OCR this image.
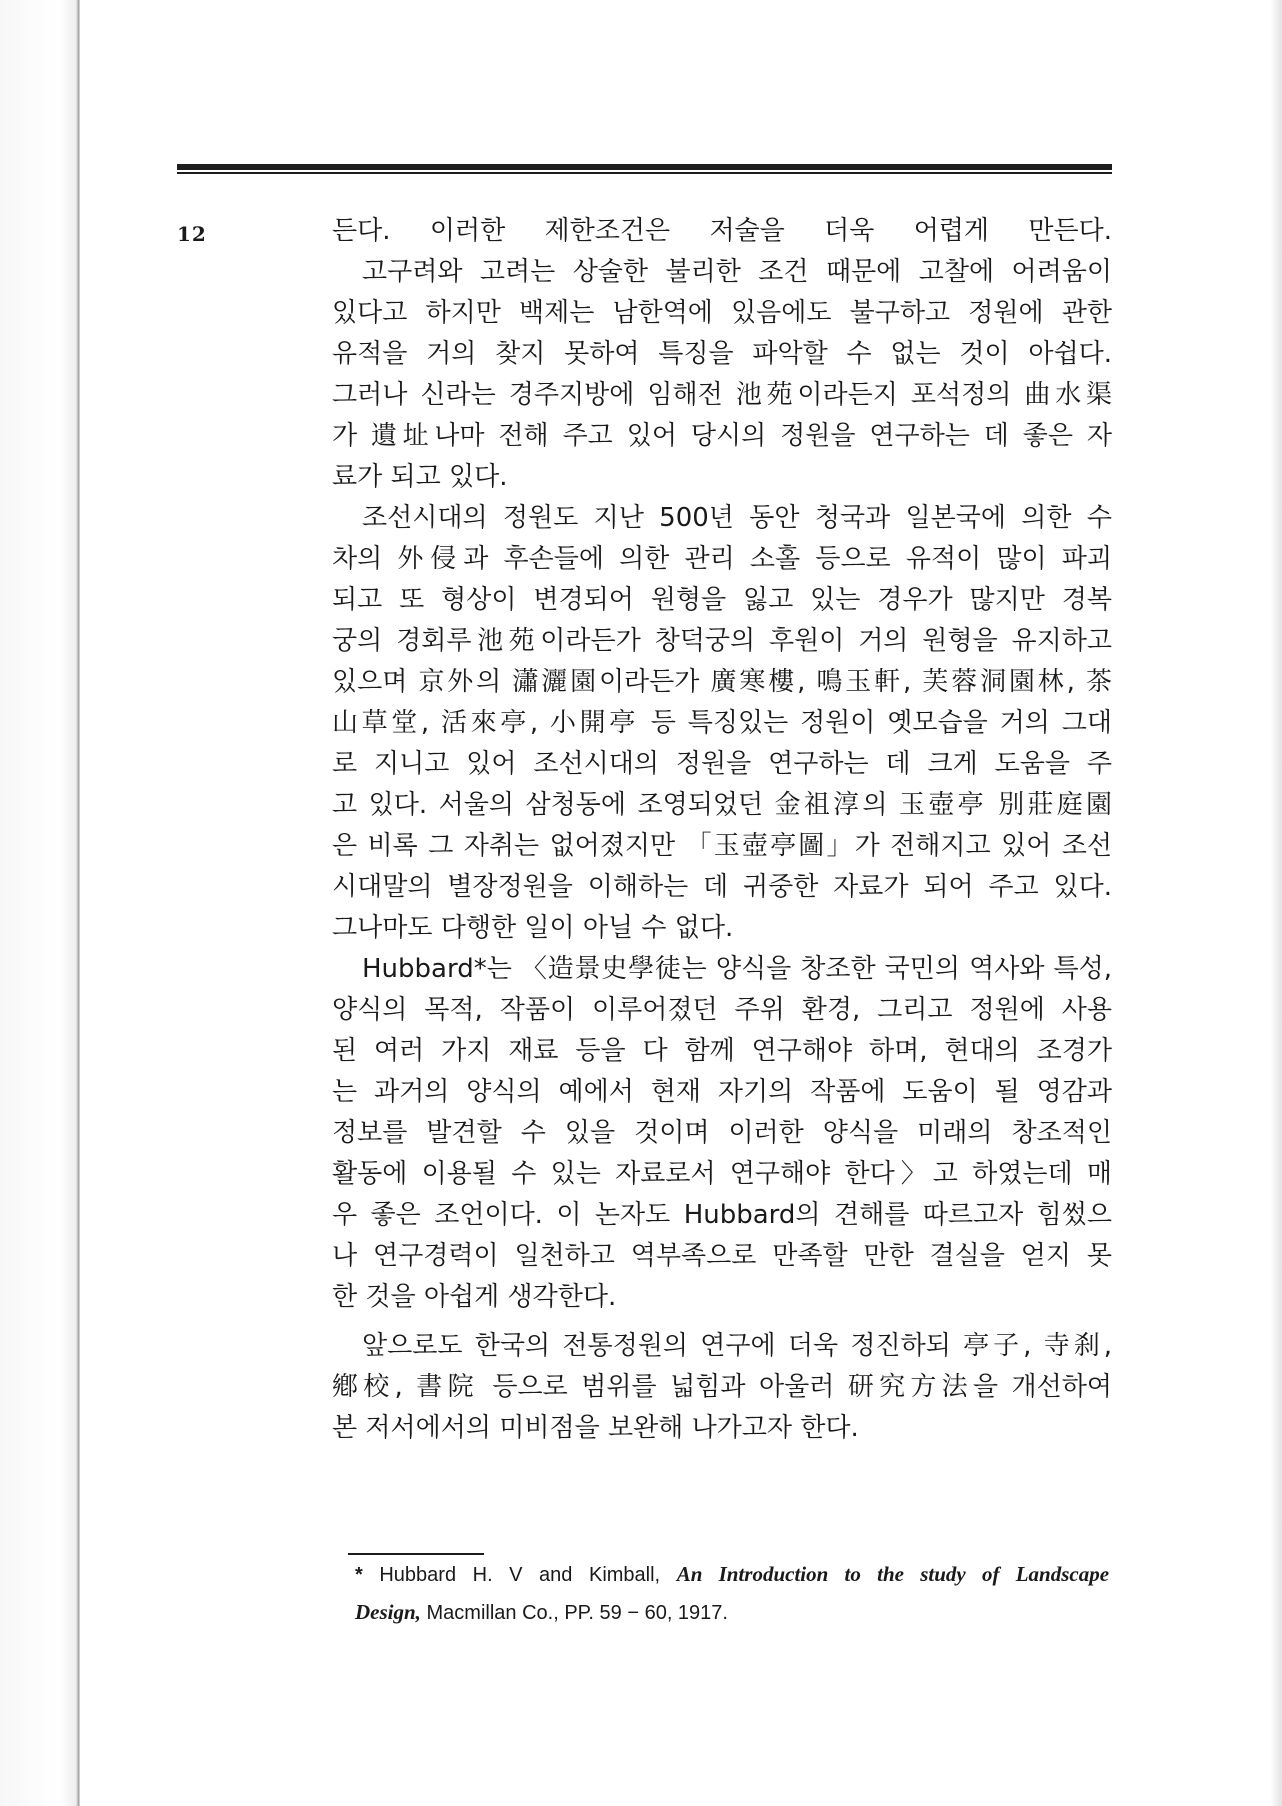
12	든다. 이러한 제한조건은 저술을 더욱 어렵게 만든다.
고구려와 고려는 상술한 불리한 조건 때문에 고찰에 어려움이
있다고 하지만 백제는 남한역에 있음에도 불구하고 정원에 관한
유적을 거의 찾지 못하여 특징을 파악할 수 없는 것이 아쉽다.
그러나 신라는 경주지방에 임해전 池苑이라든지 포석정의 曲水渠
가 遺址나마 전해 주고 있어 당시의 정원을 연구하는 데 좋은 자
료가 되고 있다.
조선시대의 정원도 지난 500년 동안 청국과 일본국에 의한 수
차의 外侵과 후손들에 의한 관리 소홀 등으로 유적이 많이 파괴
되고 또 형상이 변경되어 원형을 잃고 있는 경우가 많지만 경복
궁의 경회루池苑이라든가 창덕궁의 후원이 거의 원형을 유지하고
있으며 京外의 瀟灑園이라든가 廣寒樓, 鳴玉軒, 芙蓉洞園林, 茶
山草堂, 活來亭, 小開亭 등 특징있는 정원이 옛모습을 거의 그대
로 지니고 있어 조선시대의 정원을 연구하는 데 크게 도움을 주
고 있다. 서울의 삼청동에 조영되었던 金祖淳의 玉壺亭 別莊庭園
은 비록 그 자취는 없어졌지만 「玉壺亭圖」가 전해지고 있어 조선
시대말의 별장정원을 이해하는 데 귀중한 자료가 되어 주고 있다.
그나마도 다행한 일이 아닐 수 없다.
Hubbard*는 〈造景史學徒는 양식을 창조한 국민의 역사와 특성,
양식의 목적, 작품이 이루어졌던 주위 환경, 그리고 정원에 사용
된 여러 가지 재료 등을 다 함께 연구해야 하며, 현대의 조경가
는 과거의 양식의 예에서 현재 자기의 작품에 도움이 될 영감과
정보를 발견할 수 있을 것이며 이러한 양식을 미래의 창조적인
활동에 이용될 수 있는 자료로서 연구해야 한다〉고 하였는데 매
우 좋은 조언이다. 이 논자도 Hubbard의 견해를 따르고자 힘썼으
나 연구경력이 일천하고 역부족으로 만족할 만한 결실을 얻지 못
한 것을 아쉽게 생각한다.
앞으로도 한국의 전통정원의 연구에 더욱 정진하되 亭子, 寺刹,
鄕校, 書院 등으로 범위를 넓힘과 아울러 研究方法을 개선하여
본 저서에서의 미비점을 보완해 나가고자 한다.
* Hubbard H. V and Kimball, An Introduction to the study of Landscape
Design, Macmillan Co., PP. 59 − 60, 1917.
